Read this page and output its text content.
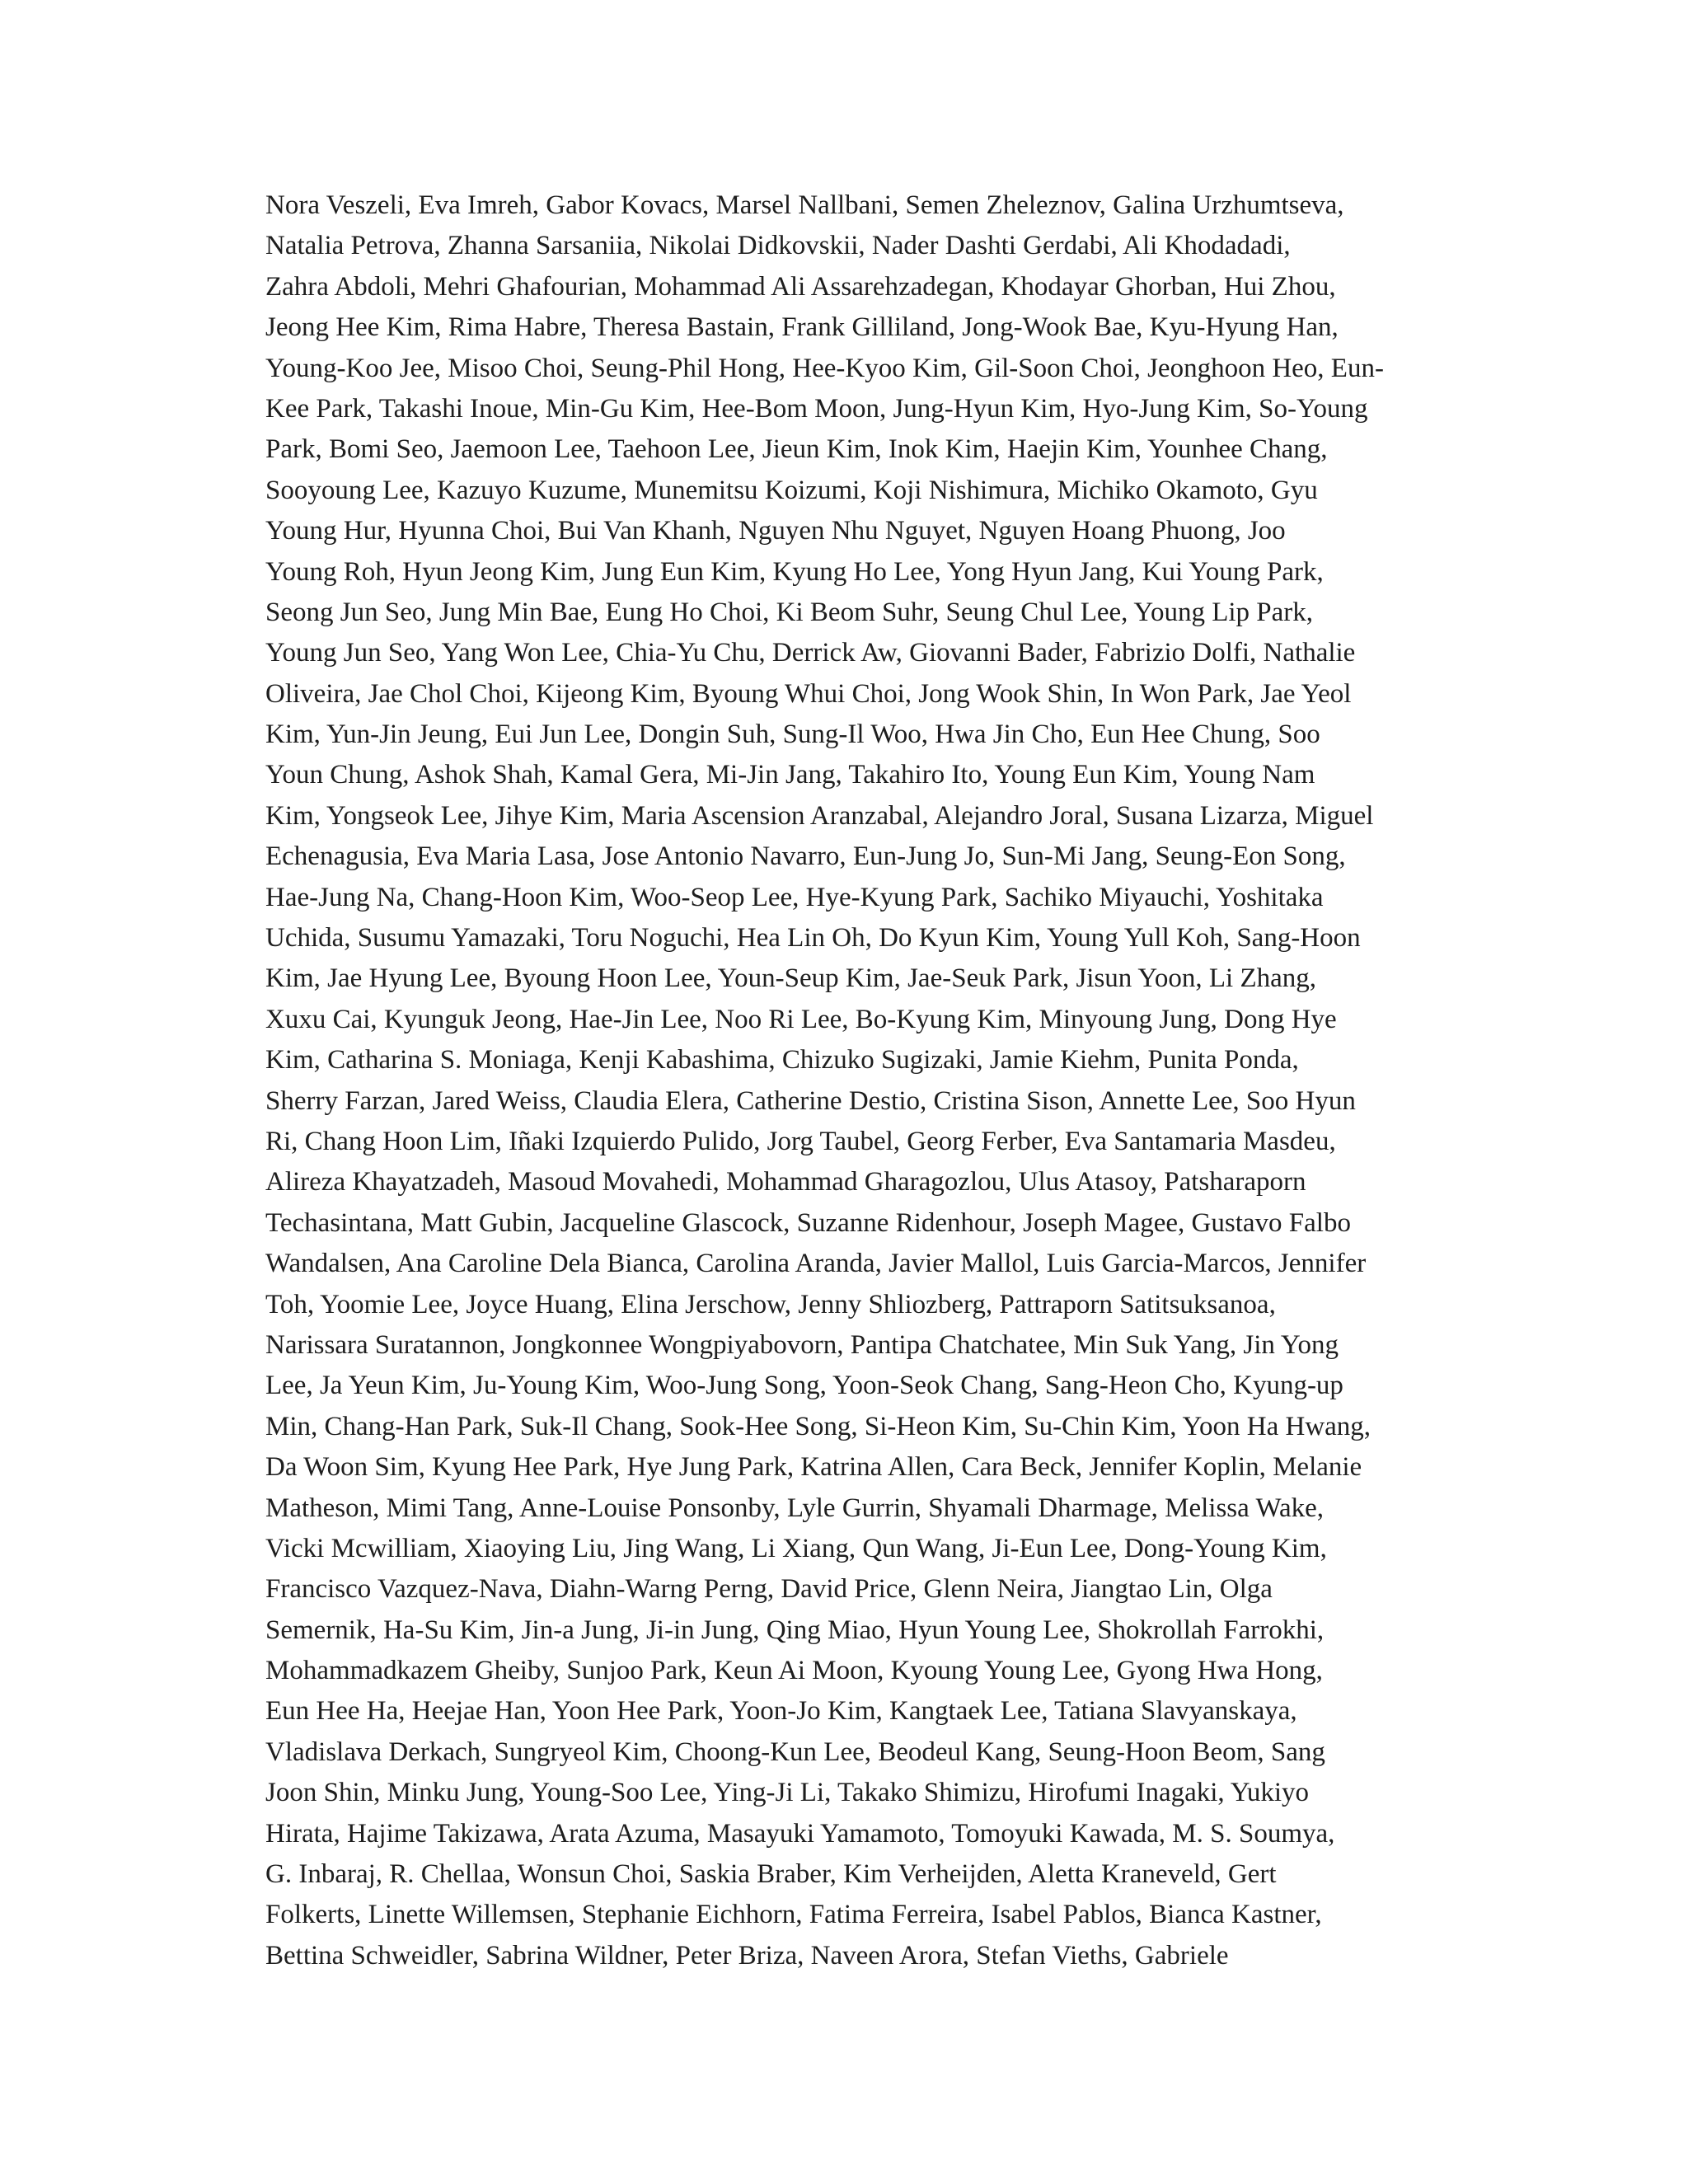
Nora Veszeli, Eva Imreh, Gabor Kovacs, Marsel Nallbani, Semen Zheleznov, Galina Urzhumtseva,
Natalia Petrova, Zhanna Sarsaniia, Nikolai Didkovskii, Nader Dashti Gerdabi, Ali Khodadadi,
Zahra Abdoli, Mehri Ghafourian, Mohammad Ali Assarehzadegan, Khodayar Ghorban, Hui Zhou,
Jeong Hee Kim, Rima Habre, Theresa Bastain, Frank Gilliland, Jong-Wook Bae, Kyu-Hyung Han,
Young-Koo Jee, Misoo Choi, Seung-Phil Hong, Hee-Kyoo Kim, Gil-Soon Choi, Jeonghoon Heo, Eun-
Kee Park, Takashi Inoue, Min-Gu Kim, Hee-Bom Moon, Jung-Hyun Kim, Hyo-Jung Kim, So-Young
Park, Bomi Seo, Jaemoon Lee, Taehoon Lee, Jieun Kim, Inok Kim, Haejin Kim, Younhee Chang,
Sooyoung Lee, Kazuyo Kuzume, Munemitsu Koizumi, Koji Nishimura, Michiko Okamoto, Gyu
Young Hur, Hyunna Choi, Bui Van Khanh, Nguyen Nhu Nguyet, Nguyen Hoang Phuong, Joo
Young Roh, Hyun Jeong Kim, Jung Eun Kim, Kyung Ho Lee, Yong Hyun Jang, Kui Young Park,
Seong Jun Seo, Jung Min Bae, Eung Ho Choi, Ki Beom Suhr, Seung Chul Lee, Young Lip Park,
Young Jun Seo, Yang Won Lee, Chia-Yu Chu, Derrick Aw, Giovanni Bader, Fabrizio Dolfi, Nathalie
Oliveira, Jae Chol Choi, Kijeong Kim, Byoung Whui Choi, Jong Wook Shin, In Won Park, Jae Yeol
Kim, Yun-Jin Jeung, Eui Jun Lee, Dongin Suh, Sung-Il Woo, Hwa Jin Cho, Eun Hee Chung, Soo
Youn Chung, Ashok Shah, Kamal Gera, Mi-Jin Jang, Takahiro Ito, Young Eun Kim, Young Nam
Kim, Yongseok Lee, Jihye Kim, Maria Ascension Aranzabal, Alejandro Joral, Susana Lizarza, Miguel
Echenagusia, Eva Maria Lasa, Jose Antonio Navarro, Eun-Jung Jo, Sun-Mi Jang, Seung-Eon Song,
Hae-Jung Na, Chang-Hoon Kim, Woo-Seop Lee, Hye-Kyung Park, Sachiko Miyauchi, Yoshitaka
Uchida, Susumu Yamazaki, Toru Noguchi, Hea Lin Oh, Do Kyun Kim, Young Yull Koh, Sang-Hoon
Kim, Jae Hyung Lee, Byoung Hoon Lee, Youn-Seup Kim, Jae-Seuk Park, Jisun Yoon, Li Zhang,
Xuxu Cai, Kyunguk Jeong, Hae-Jin Lee, Noo Ri Lee, Bo-Kyung Kim, Minyoung Jung, Dong Hye
Kim, Catharina S. Moniaga, Kenji Kabashima, Chizuko Sugizaki, Jamie Kiehm, Punita Ponda,
Sherry Farzan, Jared Weiss, Claudia Elera, Catherine Destio, Cristina Sison, Annette Lee, Soo Hyun
Ri, Chang Hoon Lim, Iñaki Izquierdo Pulido, Jorg Taubel, Georg Ferber, Eva Santamaria Masdeu,
Alireza Khayatzadeh, Masoud Movahedi, Mohammad Gharagozlou, Ulus Atasoy, Patsharaporn
Techasintana, Matt Gubin, Jacqueline Glascock, Suzanne Ridenhour, Joseph Magee, Gustavo Falbo
Wandalsen, Ana Caroline Dela Bianca, Carolina Aranda, Javier Mallol, Luis Garcia-Marcos, Jennifer
Toh, Yoomie Lee, Joyce Huang, Elina Jerschow, Jenny Shliozberg, Pattraporn Satitsuksanoa,
Narissara Suratannon, Jongkonnee Wongpiyabovorn, Pantipa Chatchatee, Min Suk Yang, Jin Yong
Lee, Ja Yeun Kim, Ju-Young Kim, Woo-Jung Song, Yoon-Seok Chang, Sang-Heon Cho, Kyung-up
Min, Chang-Han Park, Suk-Il Chang, Sook-Hee Song, Si-Heon Kim, Su-Chin Kim, Yoon Ha Hwang,
Da Woon Sim, Kyung Hee Park, Hye Jung Park, Katrina Allen, Cara Beck, Jennifer Koplin, Melanie
Matheson, Mimi Tang, Anne-Louise Ponsonby, Lyle Gurrin, Shyamali Dharmage, Melissa Wake,
Vicki Mcwilliam, Xiaoying Liu, Jing Wang, Li Xiang, Qun Wang, Ji-Eun Lee, Dong-Young Kim,
Francisco Vazquez-Nava, Diahn-Warng Perng, David Price, Glenn Neira, Jiangtao Lin, Olga
Semernik, Ha-Su Kim, Jin-a Jung, Ji-in Jung, Qing Miao, Hyun Young Lee, Shokrollah Farrokhi,
Mohammadkazem Gheiby, Sunjoo Park, Keun Ai Moon, Kyoung Young Lee, Gyong Hwa Hong,
Eun Hee Ha, Heejae Han, Yoon Hee Park, Yoon-Jo Kim, Kangtaek Lee, Tatiana Slavyanskaya,
Vladislava Derkach, Sungryeol Kim, Choong-Kun Lee, Beodeul Kang, Seung-Hoon Beom, Sang
Joon Shin, Minku Jung, Young-Soo Lee, Ying-Ji Li, Takako Shimizu, Hirofumi Inagaki, Yukiyo
Hirata, Hajime Takizawa, Arata Azuma, Masayuki Yamamoto, Tomoyuki Kawada, M. S. Soumya,
G. Inbaraj, R. Chellaa, Wonsun Choi, Saskia Braber, Kim Verheijden, Aletta Kraneveld, Gert
Folkerts, Linette Willemsen, Stephanie Eichhorn, Fatima Ferreira, Isabel Pablos, Bianca Kastner,
Bettina Schweidler, Sabrina Wildner, Peter Briza, Naveen Arora, Stefan Vieths, Gabriele
